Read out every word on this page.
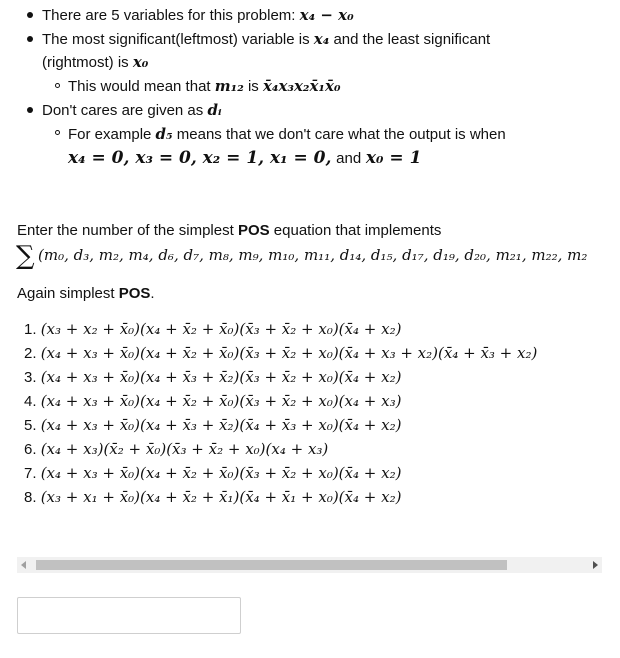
There are 5 variables for this problem: x₄ − x₀
The most significant(leftmost) variable is x₄ and the least significant
(rightmost) is x₀
This would mean that m₁₂ is x̄₄x₃x₂x̄₁x̄₀
Don't cares are given as dᵢ
For example d₅ means that we don't care what the output is when
x₄ = 0, x₃ = 0, x₂ = 1, x₁ = 0, and x₀ = 1
Enter the number of the simplest POS equation that implements
∑ (m₀, d₃, m₂, m₄, d₆, d₇, m₈, m₉, m₁₀, m₁₁, d₁₄, d₁₅, d₁₇, d₁₉, d₂₀, m₂₁, m₂₂, m₂
Again simplest POS.
1. (x₃ + x₂ + x̄₀)(x₄ + x̄₂ + x̄₀)(x̄₃ + x̄₂ + x₀)(x̄₄ + x₂)
2. (x₄ + x₃ + x̄₀)(x₄ + x̄₂ + x̄₀)(x̄₃ + x̄₂ + x₀)(x̄₄ + x₃ + x₂)(x̄₄ + x̄₃ + x₂)
3. (x₄ + x₃ + x̄₀)(x₄ + x̄₃ + x̄₂)(x̄₃ + x̄₂ + x₀)(x̄₄ + x₂)
4. (x₄ + x₃ + x̄₀)(x₄ + x̄₂ + x̄₀)(x̄₃ + x̄₂ + x₀)(x₄ + x₃)
5. (x₄ + x₃ + x̄₀)(x₄ + x̄₃ + x̄₂)(x̄₄ + x̄₃ + x₀)(x̄₄ + x₂)
6. (x₄ + x₃)(x̄₂ + x̄₀)(x̄₃ + x̄₂ + x₀)(x₄ + x₃)
7. (x₄ + x₃ + x̄₀)(x₄ + x̄₂ + x̄₀)(x̄₃ + x̄₂ + x₀)(x̄₄ + x₂)
8. (x₃ + x₁ + x̄₀)(x₄ + x̄₂ + x̄₁)(x̄₄ + x̄₁ + x₀)(x̄₄ + x₂)
